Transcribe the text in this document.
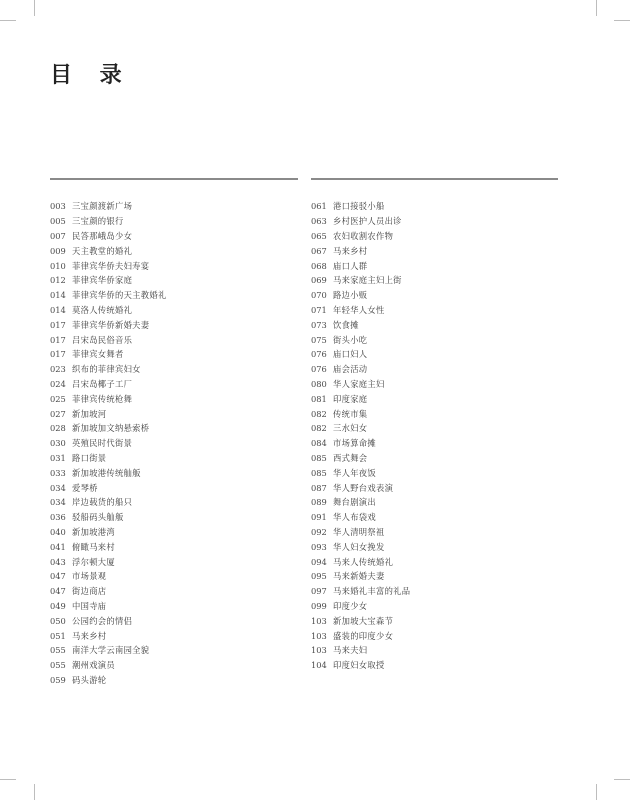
目 录
003 三宝颜渡新广场
005 三宝颜的银行
007 民答那峨岛少女
009 天主教堂的婚礼
010 菲律宾华侨夫妇寿宴
012 菲律宾华侨家庭
014 菲律宾华侨的天主教婚礼
014 莫洛人传统婚礼
017 菲律宾华侨新婚夫妻
017 吕宋岛民俗音乐
017 菲律宾女舞者
023 织布的菲律宾妇女
024 吕宋岛椰子工厂
025 菲律宾传统枪舞
027 新加坡河
028 新加坡加文纳悬索桥
030 英殖民时代街景
031 路口街景
033 新加坡港传统舢舨
034 爱琴桥
034 岸边载货的船只
036 驳船码头舢舨
040 新加坡港湾
041 俯瞰马来村
043 浮尔顿大厦
047 市场景观
047 街边商店
049 中国寺庙
050 公园约会的情侣
051 马来乡村
055 南洋大学云南园全貌
055 潮州戏演员
059 码头游轮
061 港口接驳小船
063 乡村医护人员出诊
065 农妇收割农作物
067 马来乡村
068 庙口人群
069 马来家庭主妇上街
070 路边小贩
071 年轻华人女性
073 饮食摊
075 街头小吃
076 庙口妇人
076 庙会活动
080 华人家庭主妇
081 印度家庭
082 传统市集
082 三水妇女
084 市场算命摊
085 西式舞会
085 华人年夜饭
087 华人野台戏表演
089 舞台剧演出
091 华人布袋戏
092 华人清明祭祖
093 华人妇女挽发
094 马来人传统婚礼
095 马来新婚夫妻
097 马来婚礼丰富的礼品
099 印度少女
103 新加坡大宝森节
103 盛装的印度少女
103 马来夫妇
104 印度妇女取授
